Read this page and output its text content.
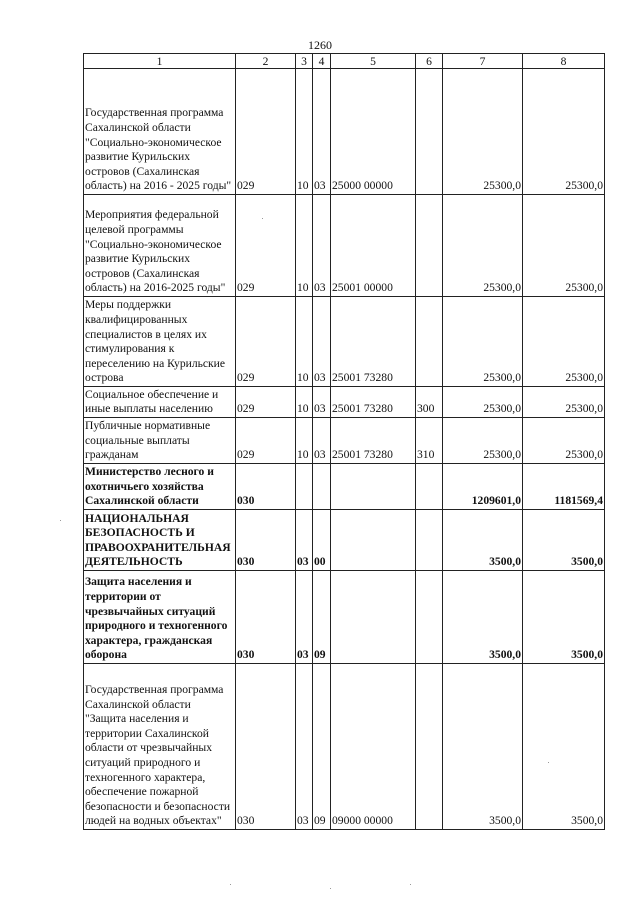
1260
1	2	3	4	5	6	7	8
Государственная программа Сахалинской области "Социально-экономическое развитие Курильских островов (Сахалинская область) на 2016 - 2025 годы"	029	10	03	25000 00000		25300,0	25300,0
Мероприятия федеральной целевой программы "Социально-экономическое развитие Курильских островов (Сахалинская область) на 2016-2025 годы"	029	10	03	25001 00000		25300,0	25300,0
Меры поддержки квалифицированных специалистов в целях их стимулирования к переселению на Курильские острова	029	10	03	25001 73280		25300,0	25300,0
Социальное обеспечение и иные выплаты населению	029	10	03	25001 73280	300	25300,0	25300,0
Публичные нормативные социальные выплаты гражданам	029	10	03	25001 73280	310	25300,0	25300,0
Министерство лесного и охотничьего хозяйства Сахалинской области	030					1209601,0	1181569,4
НАЦИОНАЛЬНАЯ БЕЗОПАСНОСТЬ И ПРАВООХРАНИТЕЛЬНАЯ ДЕЯТЕЛЬНОСТЬ	030	03	00			3500,0	3500,0
Защита населения и территории от чрезвычайных ситуаций природного и техногенного характера, гражданская оборона	030	03	09			3500,0	3500,0
Государственная программа Сахалинской области "Защита населения и территории Сахалинской области от чрезвычайных ситуаций природного и техногенного характера, обеспечение пожарной безопасности и безопасности людей на водных объектах"	030	03	09	09000 00000		3500,0	3500,0
